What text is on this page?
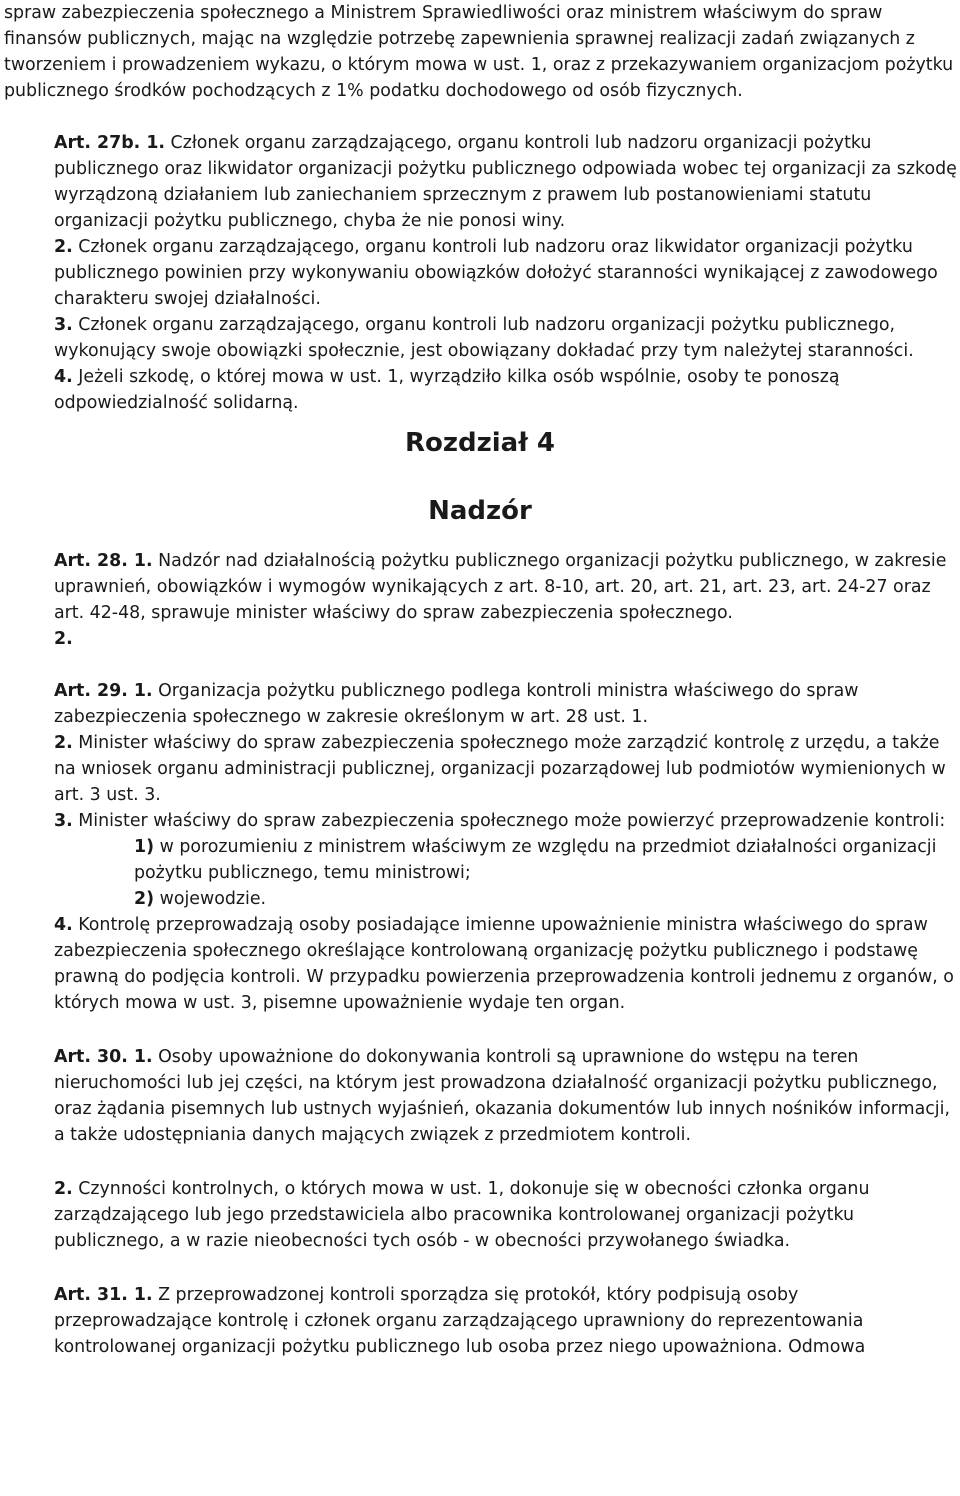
spraw zabezpieczenia społecznego a Ministrem Sprawiedliwości oraz ministrem właściwym do spraw finansów publicznych, mając na względzie potrzebę zapewnienia sprawnej realizacji zadań związanych z tworzeniem i prowadzeniem wykazu, o którym mowa w ust. 1, oraz z przekazywaniem organizacjom pożytku publicznego środków pochodzących z 1% podatku dochodowego od osób fizycznych.

Art. 27b. 1. Członek organu zarządzającego, organu kontroli lub nadzoru organizacji pożytku publicznego oraz likwidator organizacji pożytku publicznego odpowiada wobec tej organizacji za szkodę wyrządzoną działaniem lub zaniechaniem sprzecznym z prawem lub postanowieniami statutu organizacji pożytku publicznego, chyba że nie ponosi winy.

2. Członek organu zarządzającego, organu kontroli lub nadzoru oraz likwidator organizacji pożytku publicznego powinien przy wykonywaniu obowiązków dołożyć staranności wynikającej z zawodowego charakteru swojej działalności.

3. Członek organu zarządzającego, organu kontroli lub nadzoru organizacji pożytku publicznego, wykonujący swoje obowiązki społecznie, jest obowiązany dokładać przy tym należytej staranności.

4. Jeżeli szkodę, o której mowa w ust. 1, wyrządziło kilka osób wspólnie, osoby te ponoszą odpowiedzialność solidarną.

Rozdział 4

Nadzór

Art. 28. 1. Nadzór nad działalnością pożytku publicznego organizacji pożytku publicznego, w zakresie uprawnień, obowiązków i wymogów wynikających z art. 8-10, art. 20, art. 21, art. 23, art. 24-27 oraz art. 42-48, sprawuje minister właściwy do spraw zabezpieczenia społecznego.

2.

Art. 29. 1. Organizacja pożytku publicznego podlega kontroli ministra właściwego do spraw zabezpieczenia społecznego w zakresie określonym w art. 28 ust. 1.

2. Minister właściwy do spraw zabezpieczenia społecznego może zarządzić kontrolę z urzędu, a także na wniosek organu administracji publicznej, organizacji pozarządowej lub podmiotów wymienionych w art. 3 ust. 3.

3. Minister właściwy do spraw zabezpieczenia społecznego może powierzyć przeprowadzenie kontroli:

1) w porozumieniu z ministrem właściwym ze względu na przedmiot działalności organizacji pożytku publicznego, temu ministrowi;

2) wojewodzie.

4. Kontrolę przeprowadzają osoby posiadające imienne upoważnienie ministra właściwego do spraw zabezpieczenia społecznego określające kontrolowaną organizację pożytku publicznego i podstawę prawną do podjęcia kontroli. W przypadku powierzenia przeprowadzenia kontroli jednemu z organów, o których mowa w ust. 3, pisemne upoważnienie wydaje ten organ.

Art. 30. 1. Osoby upoważnione do dokonywania kontroli są uprawnione do wstępu na teren nieruchomości lub jej części, na którym jest prowadzona działalność organizacji pożytku publicznego, oraz żądania pisemnych lub ustnych wyjaśnień, okazania dokumentów lub innych nośników informacji, a także udostępniania danych mających związek z przedmiotem kontroli.

2. Czynności kontrolnych, o których mowa w ust. 1, dokonuje się w obecności członka organu zarządzającego lub jego przedstawiciela albo pracownika kontrolowanej organizacji pożytku publicznego, a w razie nieobecności tych osób - w obecności przywołanego świadka.

Art. 31. 1. Z przeprowadzonej kontroli sporządza się protokół, który podpisują osoby przeprowadzające kontrolę i członek organu zarządzającego uprawniony do reprezentowania kontrolowanej organizacji pożytku publicznego lub osoba przez niego upoważniona. Odmowa
